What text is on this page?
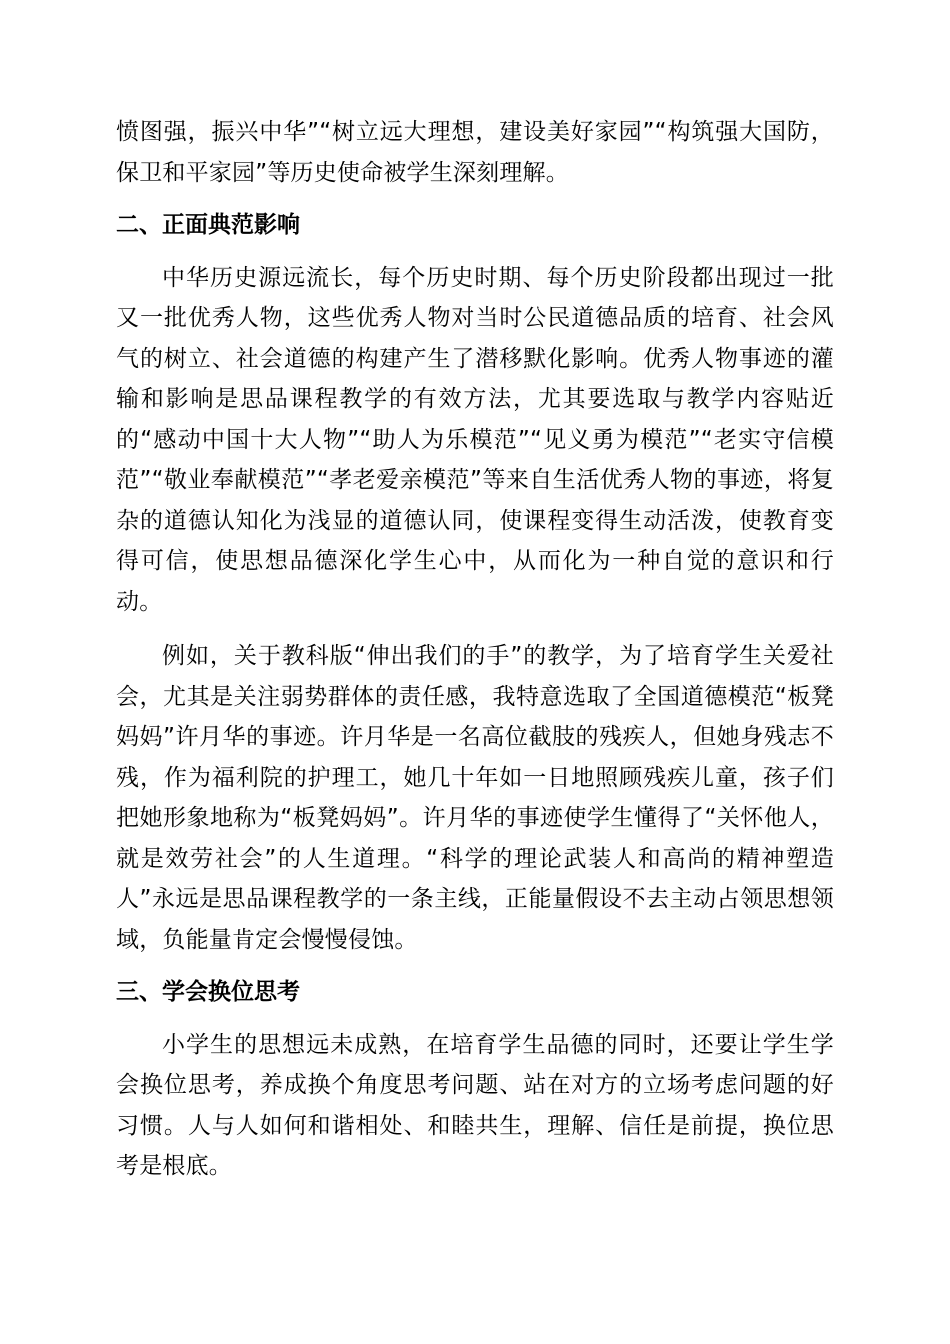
愤图强，振兴中华”“树立远大理想，建设美好家园”“构筑强大国防，保卫和平家园”等历史使命被学生深刻理解。

二、正面典范影响

中华历史源远流长，每个历史时期、每个历史阶段都出现过一批又一批优秀人物，这些优秀人物对当时公民道德品质的培育、社会风气的树立、社会道德的构建产生了潜移默化影响。优秀人物事迹的灌输和影响是思品课程教学的有效方法，尤其要选取与教学内容贴近的“感动中国十大人物”“助人为乐模范”“见义勇为模范”“老实守信模范”“敬业奉献模范”“孝老爱亲模范”等来自生活优秀人物的事迹，将复杂的道德认知化为浅显的道德认同，使课程变得生动活泼，使教育变得可信，使思想品德深化学生心中，从而化为一种自觉的意识和行动。

例如，关于教科版“伸出我们的手”的教学，为了培育学生关爱社会，尤其是关注弱势群体的责任感，我特意选取了全国道德模范“板凳妈妈”许月华的事迹。许月华是一名高位截肢的残疾人，但她身残志不残，作为福利院的护理工，她几十年如一日地照顾残疾儿童，孩子们把她形象地称为“板凳妈妈”。许月华的事迹使学生懂得了“关怀他人，就是效劳社会”的人生道理。“科学的理论武装人和高尚的精神塑造人”永远是思品课程教学的一条主线，正能量假设不去主动占领思想领域，负能量肯定会慢慢侵蚀。

三、学会换位思考

小学生的思想远未成熟，在培育学生品德的同时，还要让学生学会换位思考，养成换个角度思考问题、站在对方的立场考虑问题的好习惯。人与人如何和谐相处、和睦共生，理解、信任是前提，换位思考是根底。
